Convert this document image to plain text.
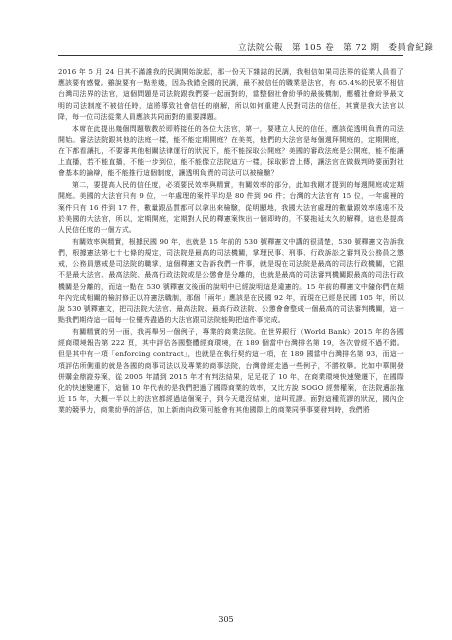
立法院公報　第 105 卷　第 72 期　委員會紀錄

2016 年 5 月 24 日其不滿誰我的民調開始說起，那一份天下雜誌的民調，我相信如果司法界的從業人員看了應該要有感覺。雖說要有一點差幾，因為我錯全國的民調，最不被信任的職業是法官，有 65.4%的民眾不相信台灣司法界的法官，這個問題是司法院跟我們要一起面對的，當整個社會紛爭的最後機制，應權社會紛爭最文明的司法制度不被信任時，這將導致社會信任的崩解，所以如何重建人民對司法的信任，其實是我大法官以降，每一位司法從業人員應該共同面對的重要課題。

本席在此提出幾個問題敬教於即將接任的各位大法官，第一，要建立人民的信任，應該從透明負責的司法開始。審法法院跟其他的法庭一樣，能不能定期開庭？在美英，他們的大法官是每個週拜開庭的，定期開庭，在下都看讓扎，不要審其他相關法律運行的狀況下，能不能採取公開庭？美國的審政法庭是公開庭，能不能讓上直播，若不能直播，不能一步到位，能不能像立法院這方一樣，採取影音上傳，讓法官在做裁判時要面對社會基本的論辯，能不能推行這個制度，讓透明負責的司法可以被檢驗？

第二，要提高人民的信任度，必須要民效率與精實，有關效率的部分，此如我剛才提到的每週開庭或定期開庭。美國的大法官只有 9 位，一年處理的案件平均是 80 件到 96 件；台灣的大法官有 15 位，一年處裡的案件只有 16 件到 17 件，數量跟品質都可以拿出來檢驗，從明顯地，我國大法官處理的數量跟效率遠遠不及於美國的大法官，所以，定期開庭，定期對人民的釋憲案恢出一個即時的，不要拖延太久的解釋，這也是提高人民信任度的一個方式。

有關效率與精實，根據民國 90 年，也就是 15 年前的 530 號釋憲文中講的很清楚，530 號釋憲文告訴我們，根據憲法第七十七條的規定，司法院是最高的司法機關，掌理民事、刑事、行政訴訟之審判及公務員之懲戒，公務員懲戒是司法院的職掌，這個釋憲文告訴我們一件事，就是現在司法院是最高的司法行政機關，它跟不是最大法官、最高法院、最高行政法院或是公懲會是分離的，也就是最高的司法審判機關跟最高的司法行政機關是分離的，而這一點在 530 號釋憲文後面的說明中已經說明這是違憲的。15 年前的釋憲文中隨你們在期年內完成相關的檢討修正以符憲法職制，那個「兩年」應該是在民國 92 年，而現在已經是民國 105 年，所以說 530 號釋憲文，把司法院大法官、最高法院、最高行政法院、公懲會會整成一個最高的司法審判機關，這一點我們期待這一屆每一位優秀盡過的大法官跟司法院能夠把這件事完成。

有關精實的另一面，我再舉另一個例子，專業的商業法院。在世界銀行（World Bank）2015 年的各國經商環境報告第 222 頁，其中評估各國整體經商環境，在 189 個當中台灣排名第 19，各次曾經不過不錯。但是其中有一項「enforcing contract」，也就是在執行契約這一項，在 189 國當中台灣排名第 93，而這一項評估所側重的就是各國的商事司法以及專業的商事法院，台灣曾經走過一些例子，不勝枚舉。比如中華開發併購金鼎證券案，從 2005 年請到 2015 年才有判法結果，足足花了 10 年，在商業環境快速變遷下，在國際化的快速變遷下，這個 10 年代表的是我們把過了國際商業的效率，又比方說 SOGO 經營權案，在法院邁訟拖近 15 年，大概一半以上的法官都經過這個案子，到今天還沒結束，這叫荒謬。面對這種荒謬的狀況，國內企業的競爭力，商業紛爭的評估，加上新南向政策可能會有其他國際上的商業同爭事要發判時，我們將

305
